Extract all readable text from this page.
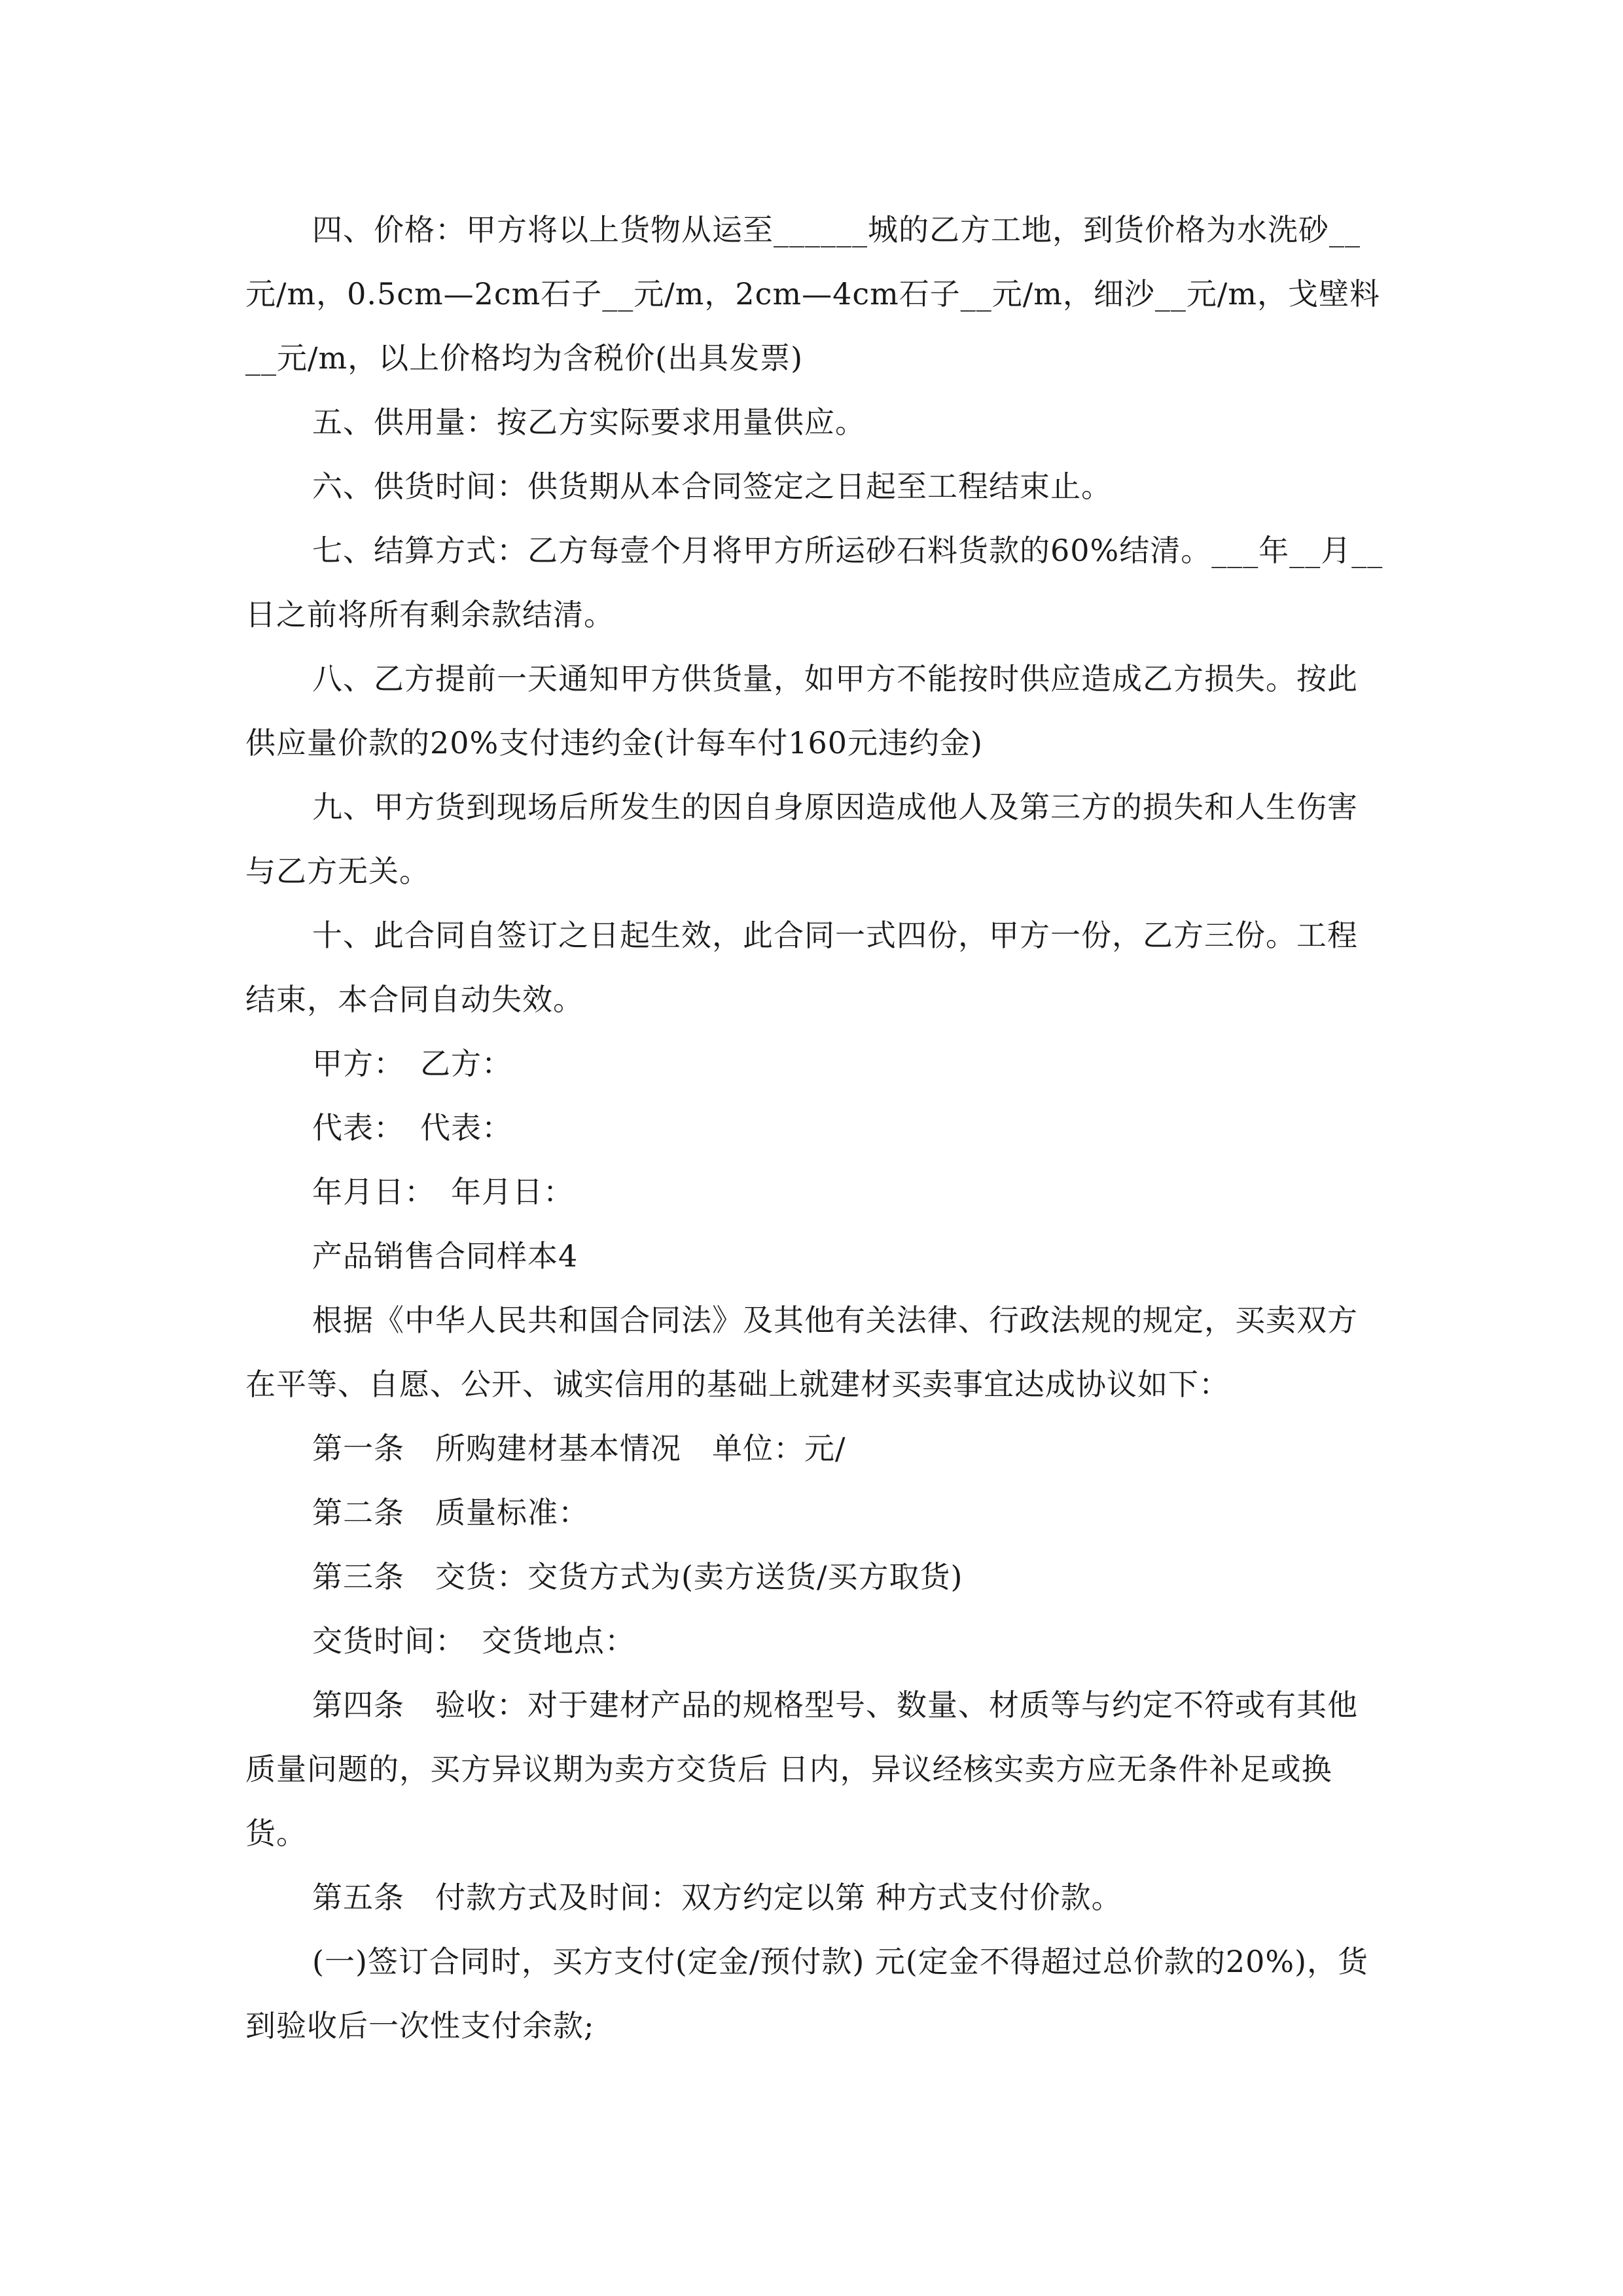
四、价格：甲方将以上货物从运至______城的乙方工地，到货价格为水洗砂__元/m，0.5cm—2cm石子__元/m，2cm—4cm石子__元/m，细沙__元/m，戈壁料__元/m，以上价格均为含税价(出具发票)

五、供用量：按乙方实际要求用量供应。

六、供货时间：供货期从本合同签定之日起至工程结束止。

七、结算方式：乙方每壹个月将甲方所运砂石料货款的60%结清。___年__月__日之前将所有剩余款结清。

八、乙方提前一天通知甲方供货量，如甲方不能按时供应造成乙方损失。按此供应量价款的20%支付违约金(计每车付160元违约金)

九、甲方货到现场后所发生的因自身原因造成他人及第三方的损失和人生伤害与乙方无关。

十、此合同自签订之日起生效，此合同一式四份，甲方一份，乙方三份。工程结束，本合同自动失效。

甲方：　乙方：

代表：　代表：

年月日：　年月日：

产品销售合同样本4

根据《中华人民共和国合同法》及其他有关法律、行政法规的规定，买卖双方在平等、自愿、公开、诚实信用的基础上就建材买卖事宜达成协议如下：

第一条　所购建材基本情况　单位：元/

第二条　质量标准：

第三条　交货：交货方式为(卖方送货/买方取货)

交货时间：　交货地点：

第四条　验收：对于建材产品的规格型号、数量、材质等与约定不符或有其他质量问题的，买方异议期为卖方交货后 日内，异议经核实卖方应无条件补足或换货。

第五条　付款方式及时间：双方约定以第 种方式支付价款。

(一)签订合同时，买方支付(定金/预付款) 元(定金不得超过总价款的20%)，货到验收后一次性支付余款;
